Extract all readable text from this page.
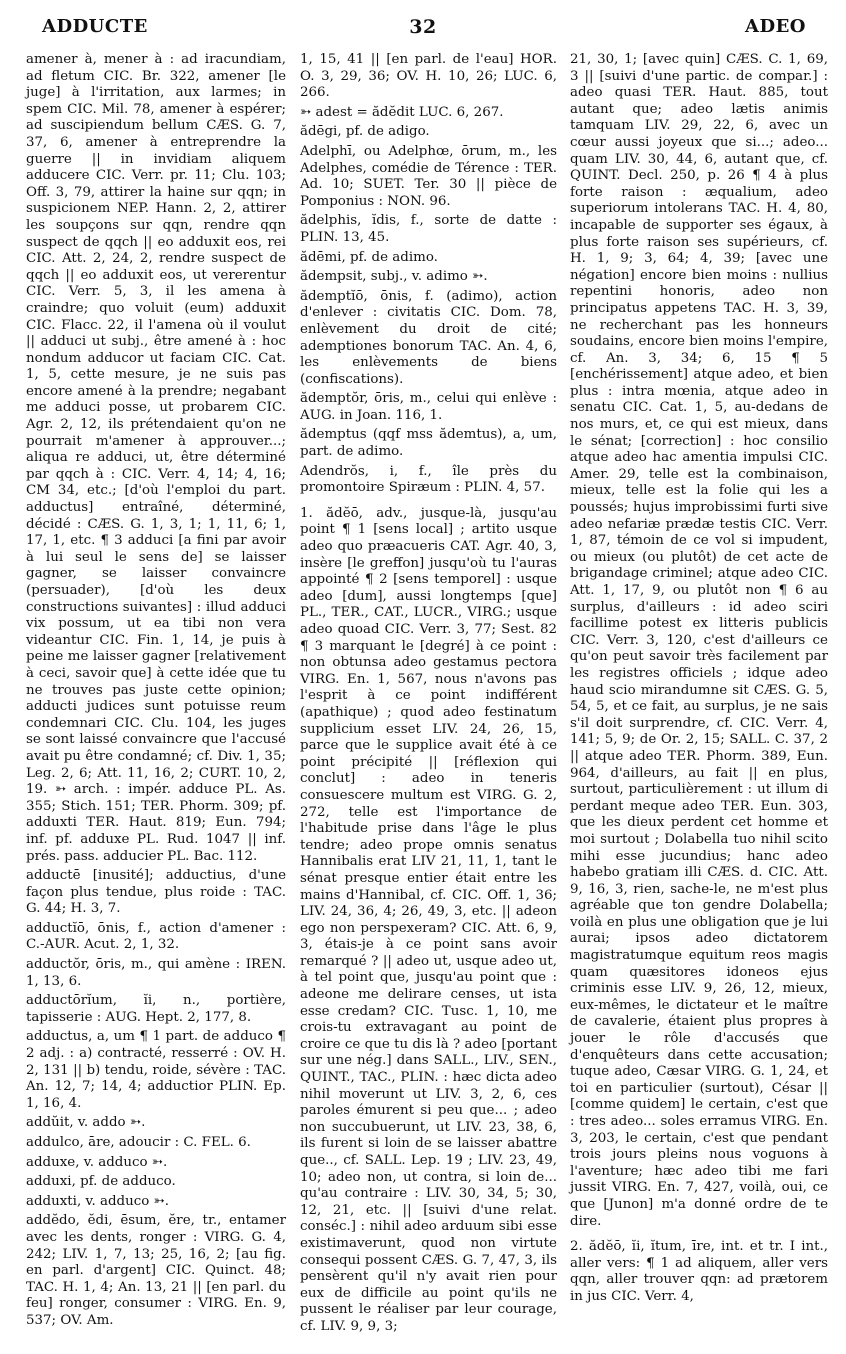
ADDUCTE	32	ADEO

amener à, mener à : ad iracundiam, ad fletum CIC. Br. 322, amener [le juge] à l'irritation, aux larmes; in spem CIC. Mil. 78, amener à espérer; ad suscipiendum bellum CÆS. G. 7, 37, 6, amener à entreprendre la guerre || in invidiam aliquem adducere CIC. Verr. pr. 11; Clu. 103; Off. 3, 79, attirer la haine sur qqn; in suspicionem NEP. Hann. 2, 2, attirer les soupçons sur qqn, rendre qqn suspect de qqch || eo adduxit eos, rei CIC. Att. 2, 24, 2, rendre suspect de qqch || eo adduxit eos, ut vererentur CIC. Verr. 5, 3, il les amena à craindre; quo voluit (eum) adduxit CIC. Flacc. 22, il l'amena où il voulut || adduci ut subj., être amené à : hoc nondum adducor ut faciam CIC. Cat. 1, 5, cette mesure, je ne suis pas encore amené à la prendre; negabant me adduci posse, ut probarem CIC. Agr. 2, 12, ils prétendaient qu'on ne pourrait m'amener à approuver...; aliqua re adduci, ut, être déterminé par qqch à : CIC. Verr. 4, 14; 4, 16; CM 34, etc.; [d'où l'emploi du part. adductus] entraîné, déterminé, décidé : CÆS. G. 1, 3, 1; 1, 11, 6; 1, 17, 1, etc. ¶ 3 adduci [a fini par avoir à lui seul le sens de] se laisser gagner, se laisser convaincre (persuader), [d'où les deux constructions suivantes] : illud adduci vix possum, ut ea tibi non vera videantur CIC. Fin. 1, 14, je puis à peine me laisser gagner [relativement à ceci, savoir que] à cette idée que tu ne trouves pas juste cette opinion; adducti judices sunt potuisse reum condemnari CIC. Clu. 104, les juges se sont laissé convaincre que l'accusé avait pu être condamné; cf. Div. 1, 35; Leg. 2, 6; Att. 11, 16, 2; CURT. 10, 2, 19. ➳ arch. : impér. adduce PL. As. 355; Stich. 151; TER. Phorm. 309; pf. adduxti TER. Haut. 819; Eun. 794; inf. pf. adduxe PL. Rud. 1047 || inf. prés. pass. adducier PL. Bac. 112.

adductē [inusité]; adductius, d'une façon plus tendue, plus roide : TAC. G. 44; H. 3, 7.

adductĭō, ōnis, f., action d'amener : C.-AUR. Acut. 2, 1, 32.

adductŏr, ōris, m., qui amène : IREN. 1, 13, 6.

adductōrĭum, ĭi, n., portière, tapisserie : AUG. Hept. 2, 177, 8.

adductus, a, um ¶ 1 part. de adduco ¶ 2 adj. : a) contracté, resserré : OV. H. 2, 131 || b) tendu, roide, sévère : TAC. An. 12, 7; 14, 4; adductior PLIN. Ep. 1, 16, 4.

addŭit, v. addo ➳.

addulco, āre, adoucir : C. FEL. 6.

adduxe, v. adduco ➳.

adduxi, pf. de adduco.

adduxti, v. adduco ➳.

addĕdo, ĕdi, ēsum, ĕre, tr., entamer avec les dents, ronger : VIRG. G. 4, 242; LIV. 1, 7, 13; 25, 16, 2; [au fig. en parl. d'argent] CIC. Quinct. 48; TAC. H. 1, 4; An. 13, 21 || [en parl. du feu] ronger, consumer : VIRG. En. 9, 537; OV. Am.

1, 15, 41 || [en parl. de l'eau] HOR. O. 3, 29, 36; OV. H. 10, 26; LUC. 6, 266.

➳ adest = ădĕdit LUC. 6, 267.

ădēgi, pf. de adigo.

Adelphī, ou Adelphœ, ōrum, m., les Adelphes, comédie de Térence : TER. Ad. 10; SUET. Ter. 30 || pièce de Pomponius : NON. 96.

ădelphis, ĭdis, f., sorte de datte : PLIN. 13, 45.

ădēmi, pf. de adimo.

ădempsit, subj., v. adimo ➳.

ădemptĭō, ōnis, f. (adimo), action d'enlever : civitatis CIC. Dom. 78, enlèvement du droit de cité; ademptiones bonorum TAC. An. 4, 6, les enlèvements de biens (confiscations).

ădemptŏr, ōris, m., celui qui enlève : AUG. in Joan. 116, 1.

ădemptus (qqf mss ădemtus), a, um, part. de adimo.

Adendrŏs, i, f., île près du promontoire Spiræum : PLIN. 4, 57.

1. ădĕō, adv., jusque-là, jusqu'au point ¶ 1 [sens local] ; artito usque adeo quo præacueris CAT. Agr. 40, 3, insère [le greffon] jusqu'où tu l'auras appointé ¶ 2 [sens temporel] : usque adeo [dum], aussi longtemps [que] PL., TER., CAT., LUCR., VIRG.; usque adeo quoad CIC. Verr. 3, 77; Sest. 82 ¶ 3 marquant le [degré] à ce point : non obtunsa adeo gestamus pectora VIRG. En. 1, 567, nous n'avons pas l'esprit à ce point indifférent (apathique) ; quod adeo festinatum supplicium esset LIV. 24, 26, 15, parce que le supplice avait été à ce point précipité || [réflexion qui conclut] : adeo in teneris consuescere multum est VIRG. G. 2, 272, telle est l'importance de l'habitude prise dans l'âge le plus tendre; adeo prope omnis senatus Hannibalis erat LIV 21, 11, 1, tant le sénat presque entier était entre les mains d'Hannibal, cf. CIC. Off. 1, 36; LIV. 24, 36, 4; 26, 49, 3, etc. || adeon ego non perspexeram? CIC. Att. 6, 9, 3, étais-je à ce point sans avoir remarqué ? || adeo ut, usque adeo ut, à tel point que, jusqu'au point que : adeone me delirare censes, ut ista esse credam? CIC. Tusc. 1, 10, me crois-tu extravagant au point de croire ce que tu dis là ? adeo [portant sur une nég.] dans SALL., LIV., SEN., QUINT., TAC., PLIN. : hæc dicta adeo nihil moverunt ut LIV. 3, 2, 6, ces paroles émurent si peu que... ; adeo non succubuerunt, ut LIV. 23, 38, 6, ils furent si loin de se laisser abattre que.., cf. SALL. Lep. 19 ; LIV. 23, 49, 10; adeo non, ut contra, si loin de... qu'au contraire : LIV. 30, 34, 5; 30, 12, 21, etc. || [suivi d'une relat. conséc.] : nihil adeo arduum sibi esse existimaverunt, quod non virtute consequi possent CÆS. G. 7, 47, 3, ils pensèrent qu'il n'y avait rien pour eux de difficile au point qu'ils ne pussent le réaliser par leur courage, cf. LIV. 9, 9, 3;

21, 30, 1; [avec quin] CÆS. C. 1, 69, 3 || [suivi d'une partic. de compar.] : adeo quasi TER. Haut. 885, tout autant que; adeo lætis animis tamquam LIV. 29, 22, 6, avec un cœur aussi joyeux que si...; adeo... quam LIV. 30, 44, 6, autant que, cf. QUINT. Decl. 250, p. 26 ¶ 4 à plus forte raison : æqualium, adeo superiorum intolerans TAC. H. 4, 80, incapable de supporter ses égaux, à plus forte raison ses supérieurs, cf. H. 1, 9; 3, 64; 4, 39; [avec une négation] encore bien moins : nullius repentini honoris, adeo non principatus appetens TAC. H. 3, 39, ne recherchant pas les honneurs soudains, encore bien moins l'empire, cf. An. 3, 34; 6, 15 ¶ 5 [enchérissement] atque adeo, et bien plus : intra mœnia, atque adeo in senatu CIC. Cat. 1, 5, au-dedans de nos murs, et, ce qui est mieux, dans le sénat; [correction] : hoc consilio atque adeo hac amentia impulsi CIC. Amer. 29, telle est la combinaison, mieux, telle est la folie qui les a poussés; hujus improbissimi furti sive adeo nefariæ prædæ testis CIC. Verr. 1, 87, témoin de ce vol si impudent, ou mieux (ou plutôt) de cet acte de brigandage criminel; atque adeo CIC. Att. 1, 17, 9, ou plutôt non ¶ 6 au surplus, d'ailleurs : id adeo sciri facillime potest ex litteris publicis CIC. Verr. 3, 120, c'est d'ailleurs ce qu'on peut savoir très facilement par les registres officiels ; idque adeo haud scio mirandumne sit CÆS. G. 5, 54, 5, et ce fait, au surplus, je ne sais s'il doit surprendre, cf. CIC. Verr. 4, 141; 5, 9; de Or. 2, 15; SALL. C. 37, 2 || atque adeo TER. Phorm. 389, Eun. 964, d'ailleurs, au fait || en plus, surtout, particulièrement : ut illum di perdant meque adeo TER. Eun. 303, que les dieux perdent cet homme et moi surtout ; Dolabella tuo nihil scito mihi esse jucundius; hanc adeo habebo gratiam illi CÆS. d. CIC. Att. 9, 16, 3, rien, sache-le, ne m'est plus agréable que ton gendre Dolabella; voilà en plus une obligation que je lui aurai; ipsos adeo dictatorem magistratumque equitum reos magis quam quæsitores idoneos ejus criminis esse LIV. 9, 26, 12, mieux, eux-mêmes, le dictateur et le maître de cavalerie, étaient plus propres à jouer le rôle d'accusés que d'enquêteurs dans cette accusation; tuque adeo, Cæsar VIRG. G. 1, 24, et toi en particulier (surtout), César || [comme quidem] le certain, c'est que : tres adeo... soles erramus VIRG. En. 3, 203, le certain, c'est que pendant trois jours pleins nous voguons à l'aventure; hæc adeo tibi me fari jussit VIRG. En. 7, 427, voilà, oui, ce que [Junon] m'a donné ordre de te dire.

2. ădĕō, ĭi, ĭtum, īre, int. et tr. I int., aller vers: ¶ 1 ad aliquem, aller vers qqn, aller trouver qqn: ad prætorem in jus CIC. Verr. 4,
